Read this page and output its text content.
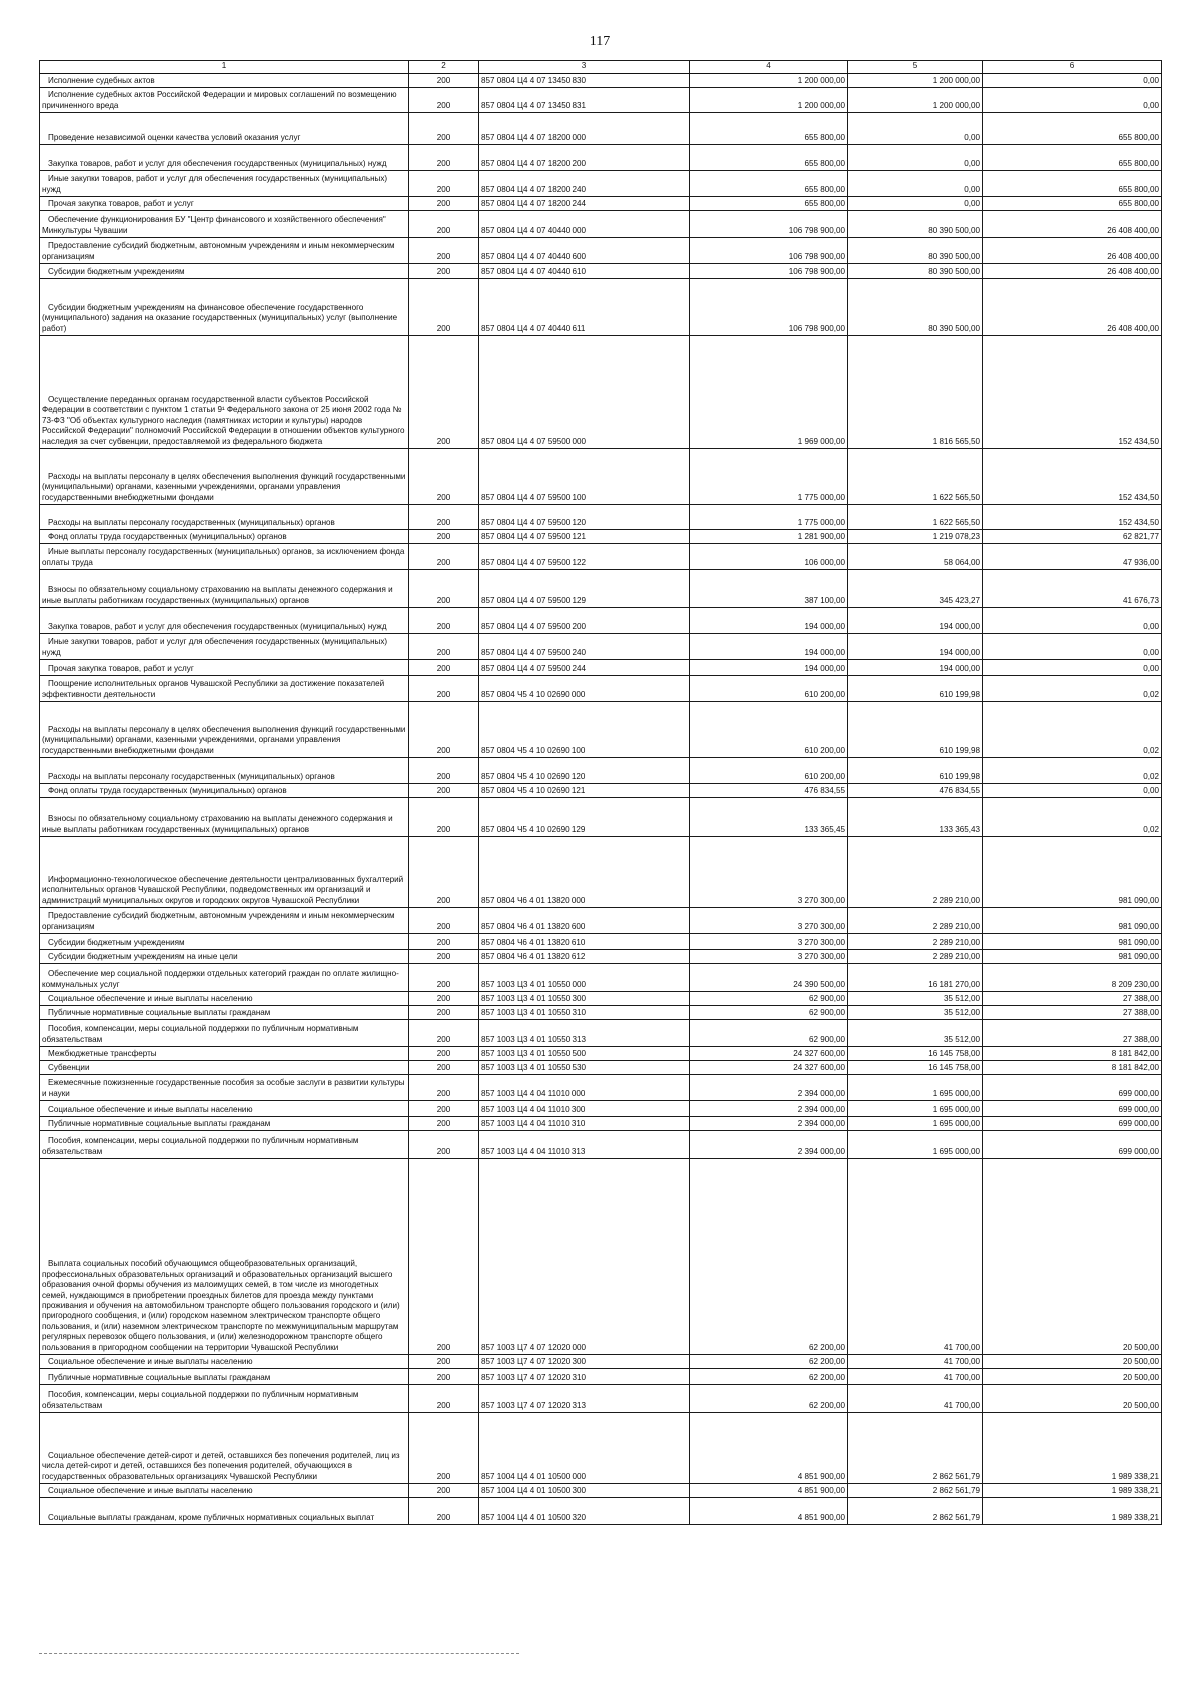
117
1	2	3	4	5	6
Исполнение судебных актов	200	857 0804 Ц4 4 07 13450 830	1 200 000,00	1 200 000,00	0,00
Исполнение судебных актов Российской Федерации и мировых соглашений по возмещению причиненного вреда	200	857 0804 Ц4 4 07 13450 831	1 200 000,00	1 200 000,00	0,00
Проведение независимой оценки качества условий оказания услуг	200	857 0804 Ц4 4 07 18200 000	655 800,00	0,00	655 800,00
Закупка товаров, работ и услуг для обеспечения государственных (муниципальных) нужд	200	857 0804 Ц4 4 07 18200 200	655 800,00	0,00	655 800,00
Иные закупки товаров, работ и услуг для обеспечения государственных (муниципальных) нужд	200	857 0804 Ц4 4 07 18200 240	655 800,00	0,00	655 800,00
Прочая закупка товаров, работ и услуг	200	857 0804 Ц4 4 07 18200 244	655 800,00	0,00	655 800,00
Обеспечение функционирования БУ "Центр финансового и хозяйственного обеспечения" Минкультуры Чувашии	200	857 0804 Ц4 4 07 40440 000	106 798 900,00	80 390 500,00	26 408 400,00
Предоставление субсидий бюджетным, автономным учреждениям и иным некоммерческим организациям	200	857 0804 Ц4 4 07 40440 600	106 798 900,00	80 390 500,00	26 408 400,00
Субсидии бюджетным учреждениям	200	857 0804 Ц4 4 07 40440 610	106 798 900,00	80 390 500,00	26 408 400,00
Субсидии бюджетным учреждениям на финансовое обеспечение государственного (муниципального) задания на оказание государственных (муниципальных) услуг (выполнение работ)	200	857 0804 Ц4 4 07 40440 611	106 798 900,00	80 390 500,00	26 408 400,00
Осуществление переданных органам государственной власти субъектов Российской Федерации в соответствии с пунктом 1 статьи 9¹ Федерального закона от 25 июня 2002 года № 73-ФЗ "Об объектах культурного наследия (памятниках истории и культуры) народов Российской Федерации" полномочий Российской Федерации в отношении объектов культурного наследия за счет субвенции, предоставляемой из федерального бюджета	200	857 0804 Ц4 4 07 59500 000	1 969 000,00	1 816 565,50	152 434,50
Расходы на выплаты персоналу в целях обеспечения выполнения функций государственными (муниципальными) органами, казенными учреждениями, органами управления государственными внебюджетными фондами	200	857 0804 Ц4 4 07 59500 100	1 775 000,00	1 622 565,50	152 434,50
Расходы на выплаты персоналу государственных (муниципальных) органов	200	857 0804 Ц4 4 07 59500 120	1 775 000,00	1 622 565,50	152 434,50
Фонд оплаты труда государственных (муниципальных) органов	200	857 0804 Ц4 4 07 59500 121	1 281 900,00	1 219 078,23	62 821,77
Иные выплаты персоналу государственных (муниципальных) органов, за исключением фонда оплаты труда	200	857 0804 Ц4 4 07 59500 122	106 000,00	58 064,00	47 936,00
Взносы по обязательному социальному страхованию на выплаты денежного содержания и иные выплаты работникам государственных (муниципальных) органов	200	857 0804 Ц4 4 07 59500 129	387 100,00	345 423,27	41 676,73
Закупка товаров, работ и услуг для обеспечения государственных (муниципальных) нужд	200	857 0804 Ц4 4 07 59500 200	194 000,00	194 000,00	0,00
Иные закупки товаров, работ и услуг для обеспечения государственных (муниципальных) нужд	200	857 0804 Ц4 4 07 59500 240	194 000,00	194 000,00	0,00
Прочая закупка товаров, работ и услуг	200	857 0804 Ц4 4 07 59500 244	194 000,00	194 000,00	0,00
Поощрение исполнительных органов Чувашской Республики за достижение показателей эффективности деятельности	200	857 0804 Ч5 4 10 02690 000	610 200,00	610 199,98	0,02
Расходы на выплаты персоналу в целях обеспечения выполнения функций государственными (муниципальными) органами, казенными учреждениями, органами управления государственными внебюджетными фондами	200	857 0804 Ч5 4 10 02690 100	610 200,00	610 199,98	0,02
Расходы на выплаты персоналу государственных (муниципальных) органов	200	857 0804 Ч5 4 10 02690 120	610 200,00	610 199,98	0,02
Фонд оплаты труда государственных (муниципальных) органов	200	857 0804 Ч5 4 10 02690 121	476 834,55	476 834,55	0,00
Взносы по обязательному социальному страхованию на выплаты денежного содержания и иные выплаты работникам государственных (муниципальных) органов	200	857 0804 Ч5 4 10 02690 129	133 365,45	133 365,43	0,02
Информационно-технологическое обеспечение деятельности централизованных бухгалтерий исполнительных органов Чувашской Республики, подведомственных им организаций и администраций муниципальных округов и городских округов Чувашской Республики	200	857 0804 Ч6 4 01 13820 000	3 270 300,00	2 289 210,00	981 090,00
Предоставление субсидий бюджетным, автономным учреждениям и иным некоммерческим организациям	200	857 0804 Ч6 4 01 13820 600	3 270 300,00	2 289 210,00	981 090,00
Субсидии бюджетным учреждениям	200	857 0804 Ч6 4 01 13820 610	3 270 300,00	2 289 210,00	981 090,00
Субсидии бюджетным учреждениям на иные цели	200	857 0804 Ч6 4 01 13820 612	3 270 300,00	2 289 210,00	981 090,00
Обеспечение мер социальной поддержки отдельных категорий граждан по оплате жилищно-коммунальных услуг	200	857 1003 Ц3 4 01 10550 000	24 390 500,00	16 181 270,00	8 209 230,00
Социальное обеспечение и иные выплаты населению	200	857 1003 Ц3 4 01 10550 300	62 900,00	35 512,00	27 388,00
Публичные нормативные социальные выплаты гражданам	200	857 1003 Ц3 4 01 10550 310	62 900,00	35 512,00	27 388,00
Пособия, компенсации, меры социальной поддержки по публичным нормативным обязательствам	200	857 1003 Ц3 4 01 10550 313	62 900,00	35 512,00	27 388,00
Межбюджетные трансферты	200	857 1003 Ц3 4 01 10550 500	24 327 600,00	16 145 758,00	8 181 842,00
Субвенции	200	857 1003 Ц3 4 01 10550 530	24 327 600,00	16 145 758,00	8 181 842,00
Ежемесячные пожизненные государственные пособия за особые заслуги в развитии культуры и науки	200	857 1003 Ц4 4 04 11010 000	2 394 000,00	1 695 000,00	699 000,00
Социальное обеспечение и иные выплаты населению	200	857 1003 Ц4 4 04 11010 300	2 394 000,00	1 695 000,00	699 000,00
Публичные нормативные социальные выплаты гражданам	200	857 1003 Ц4 4 04 11010 310	2 394 000,00	1 695 000,00	699 000,00
Пособия, компенсации, меры социальной поддержки по публичным нормативным обязательствам	200	857 1003 Ц4 4 04 11010 313	2 394 000,00	1 695 000,00	699 000,00
Выплата социальных пособий обучающимся общеобразовательных организаций, профессиональных образовательных организаций и образовательных организаций высшего образования очной формы обучения из малоимущих семей, в том числе из многодетных семей, нуждающимся в приобретении проездных билетов для проезда между пунктами проживания и обучения на автомобильном транспорте общего пользования городского и (или) пригородного сообщения, и (или) городском наземном электрическом транспорте общего пользования, и (или) наземном электрическом транспорте по межмуниципальным маршрутам регулярных перевозок общего пользования, и (или) железнодорожном транспорте общего пользования в пригородном сообщении на территории Чувашской Республики	200	857 1003 Ц7 4 07 12020 000	62 200,00	41 700,00	20 500,00
Социальное обеспечение и иные выплаты населению	200	857 1003 Ц7 4 07 12020 300	62 200,00	41 700,00	20 500,00
Публичные нормативные социальные выплаты гражданам	200	857 1003 Ц7 4 07 12020 310	62 200,00	41 700,00	20 500,00
Пособия, компенсации, меры социальной поддержки по публичным нормативным обязательствам	200	857 1003 Ц7 4 07 12020 313	62 200,00	41 700,00	20 500,00
Социальное обеспечение детей-сирот и детей, оставшихся без попечения родителей, лиц из числа детей-сирот и детей, оставшихся без попечения родителей, обучающихся в государственных образовательных организациях Чувашской Республики	200	857 1004 Ц4 4 01 10500 000	4 851 900,00	2 862 561,79	1 989 338,21
Социальное обеспечение и иные выплаты населению	200	857 1004 Ц4 4 01 10500 300	4 851 900,00	2 862 561,79	1 989 338,21
Социальные выплаты гражданам, кроме публичных нормативных социальных выплат	200	857 1004 Ц4 4 01 10500 320	4 851 900,00	2 862 561,79	1 989 338,21
